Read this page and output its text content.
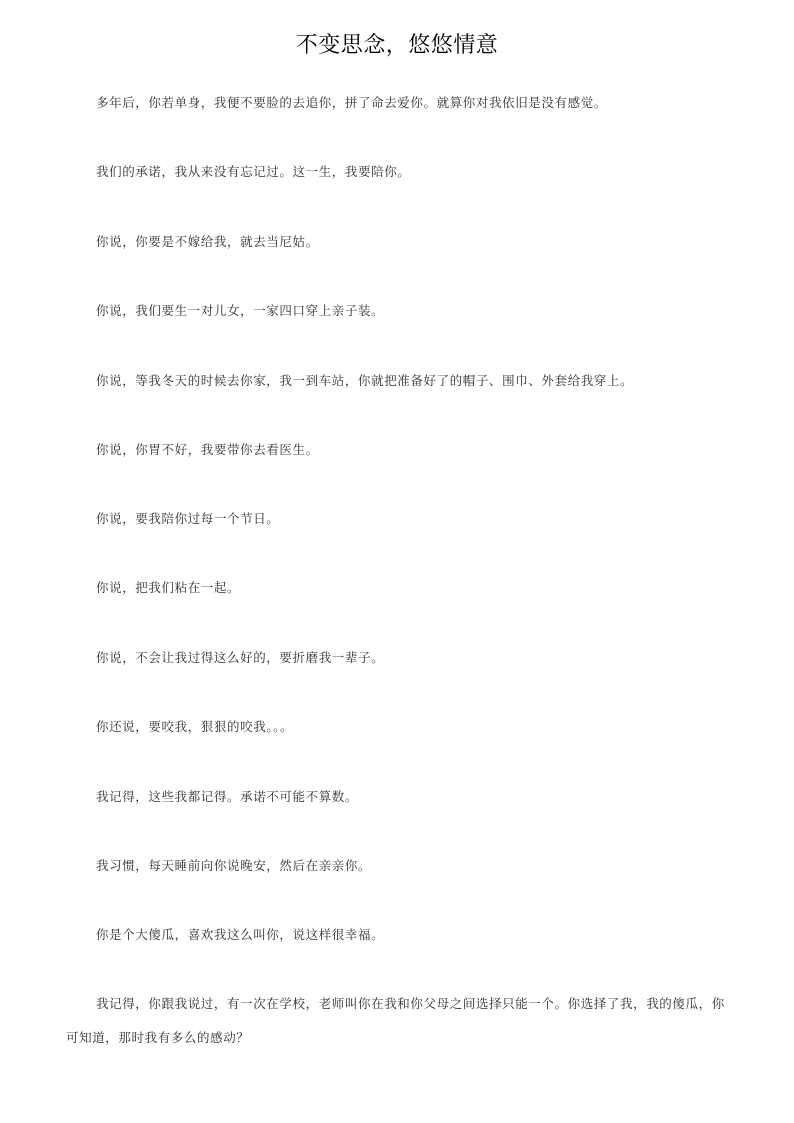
不变思念，悠悠情意

多年后，你若单身，我便不要脸的去追你，拼了命去爱你。就算你对我依旧是没有感觉。

我们的承诺，我从来没有忘记过。这一生，我要陪你。

你说，你要是不嫁给我，就去当尼姑。

你说，我们要生一对儿女，一家四口穿上亲子装。

你说，等我冬天的时候去你家，我一到车站，你就把准备好了的帽子、围巾、外套给我穿上。

你说，你胃不好，我要带你去看医生。

你说，要我陪你过每一个节日。

你说，把我们粘在一起。

你说，不会让我过得这么好的，要折磨我一辈子。

你还说，要咬我，狠狠的咬我。。。

我记得，这些我都记得。承诺不可能不算数。

我习惯，每天睡前向你说晚安，然后在亲亲你。

你是个大傻瓜，喜欢我这么叫你，说这样很幸福。

我记得，你跟我说过，有一次在学校，老师叫你在我和你父母之间选择只能一个。你选择了我，我的傻瓜，你可知道，那时我有多么的感动？
